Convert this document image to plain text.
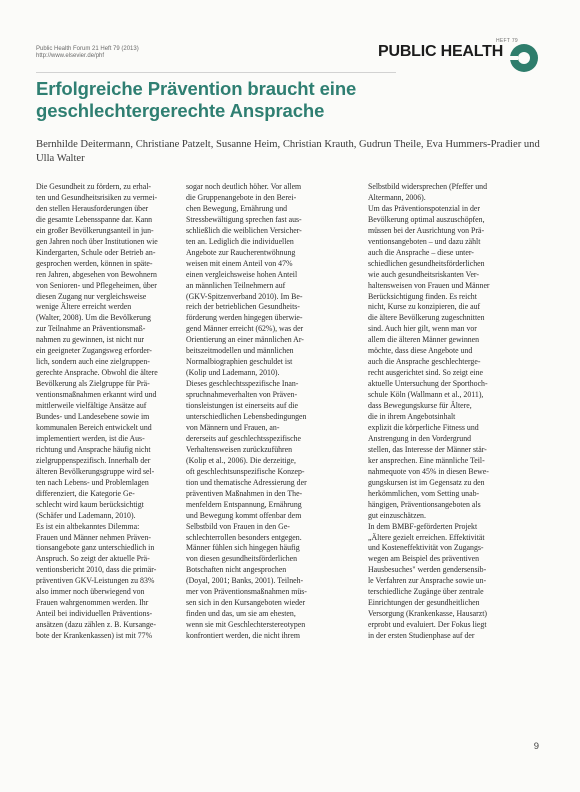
Public Health Forum 21 Heft 79 (2013)
http://www.elsevier.de/phf
HEFT 79
PUBLIC HEALTH
Erfolgreiche Prävention braucht eine geschlechtergerechte Ansprache

Bernhilde Deitermann, Christiane Patzelt, Susanne Heim, Christian Krauth, Gudrun Theile, Eva Hummers-Pradier und Ulla Walter

Die Gesundheit zu fördern, zu erhal-
ten und Gesundheitsrisiken zu vermei-
den stellen Herausforderungen über
die gesamte Lebensspanne dar. Kann
ein großer Bevölkerungsanteil in jun-
gen Jahren noch über Institutionen wie
Kindergarten, Schule oder Betrieb an-
gesprochen werden, können in späte-
ren Jahren, abgesehen von Bewohnern
von Senioren- und Pflegeheimen, über
diesen Zugang nur vergleichsweise
wenige Ältere erreicht werden
(Walter, 2008). Um die Bevölkerung
zur Teilnahme an Präventionsmaß-
nahmen zu gewinnen, ist nicht nur
ein geeigneter Zugangsweg erforder-
lich, sondern auch eine zielgruppen-
gerechte Ansprache. Obwohl die ältere
Bevölkerung als Zielgruppe für Prä-
ventionsmaßnahmen erkannt wird und
mittlerweile vielfältige Ansätze auf
Bundes- und Landesebene sowie im
kommunalen Bereich entwickelt und
implementiert werden, ist die Aus-
richtung und Ansprache häufig nicht
zielgruppenspezifisch. Innerhalb der
älteren Bevölkerungsgruppe wird sel-
ten nach Lebens- und Problemlagen
differenziert, die Kategorie Ge-
schlecht wird kaum berücksichtigt
(Schäfer und Lademann, 2010).
Es ist ein altbekanntes Dilemma:
Frauen und Männer nehmen Präven-
tionsangebote ganz unterschiedlich in
Anspruch. So zeigt der aktuelle Prä-
ventionsbericht 2010, dass die primär-
präventiven GKV-Leistungen zu 83%
also immer noch überwiegend von
Frauen wahrgenommen werden. Ihr
Anteil bei individuellen Präventions-
ansätzen (dazu zählen z. B. Kursange-
bote der Krankenkassen) ist mit 77%

sogar noch deutlich höher. Vor allem
die Gruppenangebote in den Berei-
chen Bewegung, Ernährung und
Stressbewältigung sprechen fast aus-
schließlich die weiblichen Versicher-
ten an. Lediglich die individuellen
Angebote zur Raucherentwöhnung
weisen mit einem Anteil von 47%
einen vergleichsweise hohen Anteil
an männlichen Teilnehmern auf
(GKV-Spitzenverband 2010). Im Be-
reich der betrieblichen Gesundheits-
förderung werden hingegen überwie-
gend Männer erreicht (62%), was der
Orientierung an einer männlichen Ar-
beitszeitmodellen und männlichen
Normalbiographien geschuldet ist
(Kolip und Lademann, 2010).
Dieses geschlechtsspezifische Inan-
spruchnahmeverhalten von Präven-
tionsleistungen ist einerseits auf die
unterschiedlichen Lebensbedingungen
von Männern und Frauen, an-
dererseits auf geschlechtsspezifische
Verhaltensweisen zurückzuführen
(Kolip et al., 2006). Die derzeitige,
oft geschlechtsunspezifische Konzep-
tion und thematische Adressierung der
präventiven Maßnahmen in den The-
menfeldern Entspannung, Ernährung
und Bewegung kommt offenbar dem
Selbstbild von Frauen in den Ge-
schlechterrollen besonders entgegen.
Männer fühlen sich hingegen häufig
von diesen gesundheitsförderlichen
Botschaften nicht angesprochen
(Doyal, 2001; Banks, 2001). Teilneh-
mer von Präventionsmaßnahmen müs-
sen sich in den Kursangeboten wieder
finden und das, um sie am ehesten,
wenn sie mit Geschlechterstereotypen
konfrontiert werden, die nicht ihrem

Selbstbild widersprechen (Pfeffer und
Altermann, 2006).
Um das Präventionspotenzial in der
Bevölkerung optimal auszuschöpfen,
müssen bei der Ausrichtung von Prä-
ventionsangeboten – und dazu zählt
auch die Ansprache – diese unter-
schiedlichen gesundheitsförderlichen
wie auch gesundheitsriskanten Ver-
haltensweisen von Frauen und Männer
Berücksichtigung finden. Es reicht
nicht, Kurse zu konzipieren, die auf
die ältere Bevölkerung zugeschnitten
sind. Auch hier gilt, wenn man vor
allem die älteren Männer gewinnen
möchte, dass diese Angebote und
auch die Ansprache geschlechterge-
recht ausgerichtet sind. So zeigt eine
aktuelle Untersuchung der Sporthoch-
schule Köln (Wallmann et al., 2011),
dass Bewegungskurse für Ältere,
die in ihrem Angebotsinhalt
explizit die körperliche Fitness und
Anstrengung in den Vordergrund
stellen, das Interesse der Männer stär-
ker ansprechen. Eine männliche Teil-
nahmequote von 45% in diesen Bewe-
gungskursen ist im Gegensatz zu den
herkömmlichen, vom Setting unab-
hängigen, Präventionsangeboten als
gut einzuschätzen.
In dem BMBF-geförderten Projekt
„Ältere gezielt erreichen. Effektivität
und Kosteneffektivität von Zugangs-
wegen am Beispiel des präventiven
Hausbesuches" werden gendersensib-
le Verfahren zur Ansprache sowie un-
terschiedliche Zugänge über zentrale
Einrichtungen der gesundheitlichen
Versorgung (Krankenkasse, Hausarzt)
erprobt und evaluiert. Der Fokus liegt
in der ersten Studienphase auf der

9
